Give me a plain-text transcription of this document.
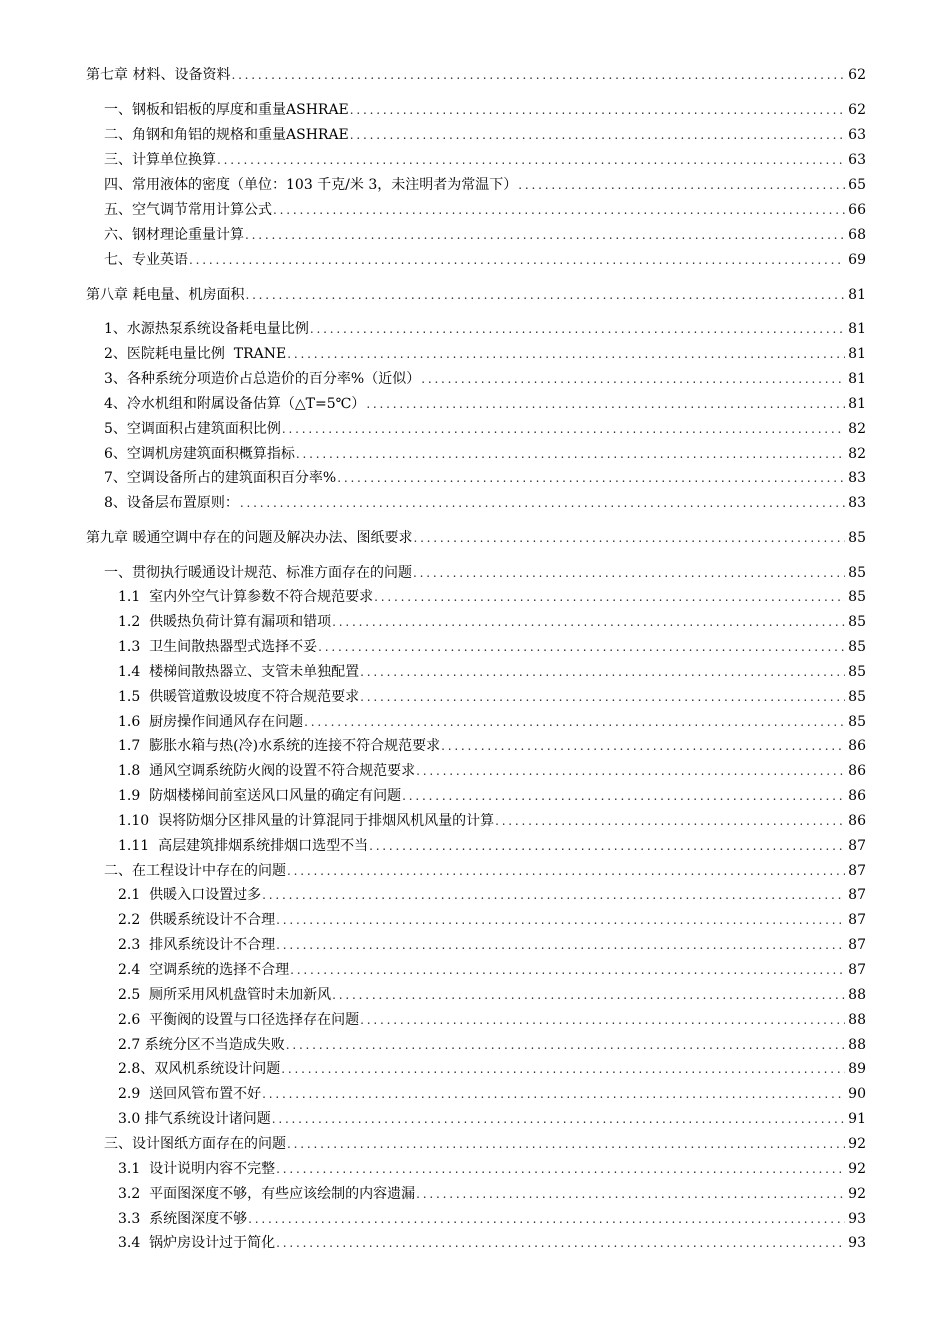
第七章 材料、设备资料 .....	62
一、钢板和铝板的厚度和重量ASHRAE .....	62
二、角钢和角铝的规格和重量ASHRAE .....	63
三、计算单位换算 .....	63
四、常用液体的密度（单位：103 千克/米 3，未注明者为常温下） .....	65
五、空气调节常用计算公式 .....	66
六、钢材理论重量计算 .....	68
七、专业英语 .....	69
第八章 耗电量、机房面积 .....	81
1、水源热泵系统设备耗电量比例 .....	81
2、医院耗电量比例  TRANE .....	81
3、各种系统分项造价占总造价的百分率%（近似） .....	81
4、冷水机组和附属设备估算（△T=5℃） .....	81
5、空调面积占建筑面积比例 .....	82
6、空调机房建筑面积概算指标 .....	82
7、空调设备所占的建筑面积百分率% .....	83
8、设备层布置原则： .....	83
第九章 暖通空调中存在的问题及解决办法、图纸要求 .....	85
一、贯彻执行暖通设计规范、标准方面存在的问题 .....	85
1.1  室内外空气计算参数不符合规范要求 .....	85
1.2  供暖热负荷计算有漏项和错项 .....	85
1.3  卫生间散热器型式选择不妥 .....	85
1.4  楼梯间散热器立、支管未单独配置 .....	85
1.5  供暖管道敷设坡度不符合规范要求 .....	85
1.6  厨房操作间通风存在问题 .....	85
1.7  膨胀水箱与热(冷)水系统的连接不符合规范要求 .....	86
1.8  通风空调系统防火阀的设置不符合规范要求 .....	86
1.9  防烟楼梯间前室送风口风量的确定有问题 .....	86
1.10  误将防烟分区排风量的计算混同于排烟风机风量的计算 .....	86
1.11  高层建筑排烟系统排烟口选型不当 .....	87
二、在工程设计中存在的问题 .....	87
2.1  供暖入口设置过多 .....	87
2.2  供暖系统设计不合理 .....	87
2.3  排风系统设计不合理 .....	87
2.4  空调系统的选择不合理 .....	87
2.5  厕所采用风机盘管时未加新风 .....	88
2.6  平衡阀的设置与口径选择存在问题 .....	88
2.7 系统分区不当造成失败 .....	88
2.8、双风机系统设计问题 .....	89
2.9  送回风管布置不好 .....	90
3.0 排气系统设计诸问题 .....	91
三、设计图纸方面存在的问题 .....	92
3.1  设计说明内容不完整 .....	92
3.2  平面图深度不够，有些应该绘制的内容遗漏 .....	92
3.3  系统图深度不够 .....	93
3.4  锅炉房设计过于简化 .....	93
